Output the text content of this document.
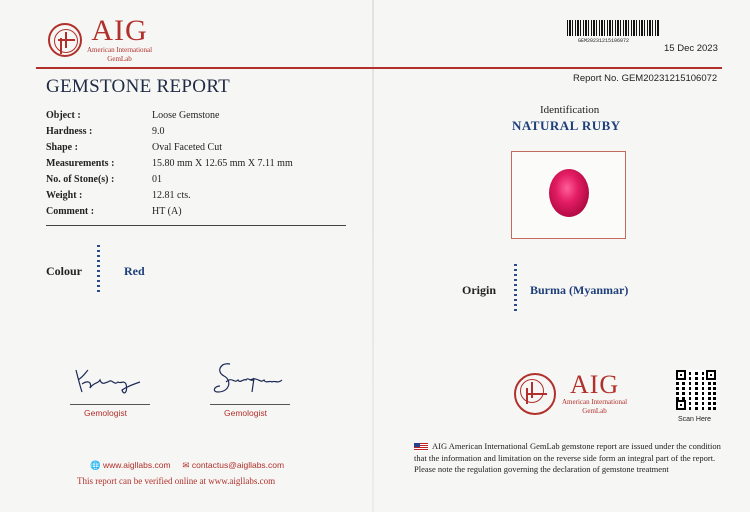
AIG
American International
GemLab
GEMSTONE REPORT
Object :	Loose Gemstone
Hardness :	9.0
Shape :	Oval Faceted Cut
Measurements :	15.80 mm X 12.65 mm X 7.11 mm
No. of Stone(s) :	01
Weight :	12.81 cts.
Comment :	HT (A)
Colour	Red
Gemologist	Gemologist
🌐 www.aigllabs.com ✉ contactus@aigllabs.com
This report can be verified online at www.aigllabs.com
GEM20231215106072
15 Dec 2023
Report No. GEM20231215106072
Identification
NATURAL RUBY
Origin	Burma (Myanmar)
AIG
American International
GemLab
Scan Here
AIG American International GemLab gemstone report are issued under the condition that the information and limitation on the reverse side form an integral part of the report. Please note the regulation governing the declaration of gemstone treatment
